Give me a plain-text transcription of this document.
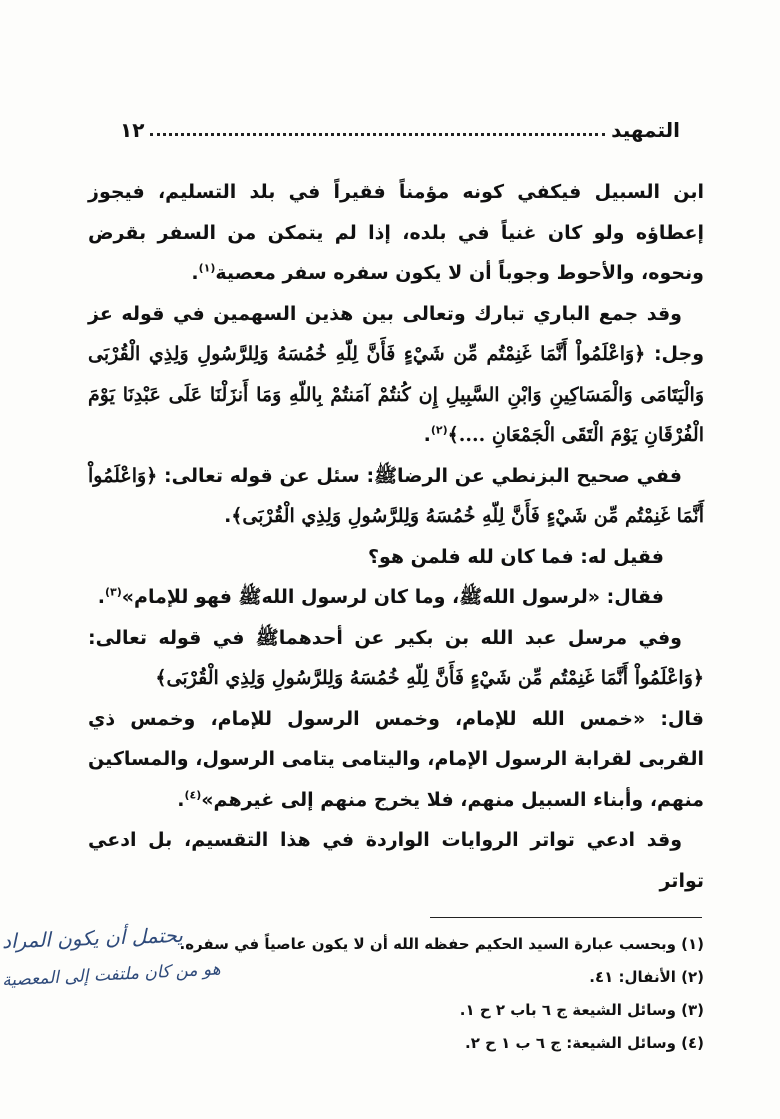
التمهيد
١٢

ابن السبيل فيكفي كونه مؤمناً فقيراً في بلد التسليم، فيجوز إعطاؤه ولو كان غنياً في بلده، إذا لم يتمكن من السفر بقرض ونحوه، والأحوط وجوباً أن لا يكون سفره سفر معصية$^{(١)}$.

وقد جمع الباري تبارك وتعالى بين هذين السهمين في قوله عز وجل: ﴿وَاعْلَمُواْ أَنَّمَا غَنِمْتُم مِّن شَيْءٍ فَأَنَّ لِلّهِ خُمُسَهُ وَلِلرَّسُولِ وَلِذِي الْقُرْبَى وَالْيَتَامَى وَالْمَسَاكِينِ وَابْنِ السَّبِيلِ إِن كُنتُمْ آمَنتُمْ بِاللّهِ وَمَا أَنزَلْنَا عَلَى عَبْدِنَا يَوْمَ الْفُرْقَانِ يَوْمَ الْتَقَى الْجَمْعَانِ ....﴾$^{(٢)}$.

ففي صحيح البزنطي عن الرضاﷺ: سئل عن قوله تعالى: ﴿وَاعْلَمُواْ أَنَّمَا غَنِمْتُم مِّن شَيْءٍ فَأَنَّ لِلّهِ خُمُسَهُ وَلِلرَّسُولِ وَلِذِي الْقُرْبَى﴾.

فقيل له: فما كان لله فلمن هو؟

فقال: «لرسول اللهﷺ، وما كان لرسول اللهﷺ فهو للإمام»$^{(٣)}$.

وفي مرسل عبد الله بن بكير عن أحدهماﷺ في قوله تعالى: ﴿وَاعْلَمُواْ أَنَّمَا غَنِمْتُم مِّن شَيْءٍ فَأَنَّ لِلّهِ خُمُسَهُ وَلِلرَّسُولِ وَلِذِي الْقُرْبَى﴾

قال: «خمس الله للإمام، وخمس الرسول للإمام، وخمس ذي القربى لقرابة الرسول الإمام، واليتامى يتامى الرسول، والمساكين منهم، وأبناء السبيل منهم، فلا يخرج منهم إلى غيرهم»$^{(٤)}$.

وقد ادعي تواتر الروايات الواردة في هذا التقسيم، بل ادعي تواتر

(١) وبحسب عبارة السيد الحكيم حفظه الله أن لا يكون عاصياً في سفره.

(٢) الأنفال: ٤١.

(٣) وسائل الشيعة ج ٦ باب ٢ ح ١.

(٤) وسائل الشيعة: ج ٦ ب ١ ح ٢.

يحتمل أن يكون المراد
هو من كان ملتفت إلى المعصية
